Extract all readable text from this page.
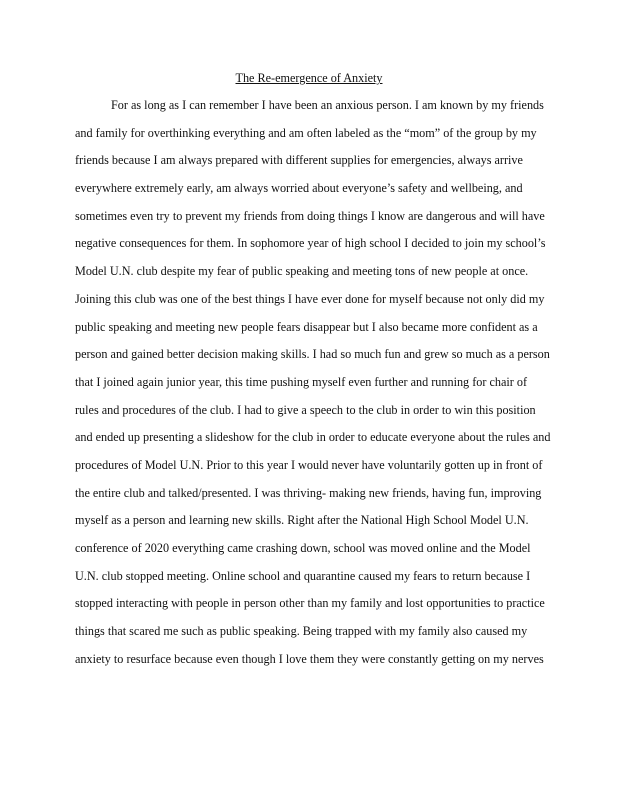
The Re-emergence of Anxiety
For as long as I can remember I have been an anxious person. I am known by my friends
and family for overthinking everything and am often labeled as the “mom” of the group by my
friends because I am always prepared with different supplies for emergencies, always arrive
everywhere extremely early, am always worried about everyone’s safety and wellbeing, and
sometimes even try to prevent my friends from doing things I know are dangerous and will have
negative consequences for them. In sophomore year of high school I decided to join my school’s
Model U.N. club despite my fear of public speaking and meeting tons of new people at once.
Joining this club was one of the best things I have ever done for myself because not only did my
public speaking and meeting new people fears disappear but I also became more confident as a
person and gained better decision making skills. I had so much fun and grew so much as a person
that I joined again junior year, this time pushing myself even further and running for chair of
rules and procedures of the club. I had to give a speech to the club in order to win this position
and ended up presenting a slideshow for the club in order to educate everyone about the rules and
procedures of Model U.N. Prior to this year I would never have voluntarily gotten up in front of
the entire club and talked/presented. I was thriving- making new friends, having fun, improving
myself as a person and learning new skills. Right after the National High School Model U.N.
conference of 2020 everything came crashing down, school was moved online and the Model
U.N. club stopped meeting. Online school and quarantine caused my fears to return because I
stopped interacting with people in person other than my family and lost opportunities to practice
things that scared me such as public speaking. Being trapped with my family also caused my
anxiety to resurface because even though I love them they were constantly getting on my nerves
